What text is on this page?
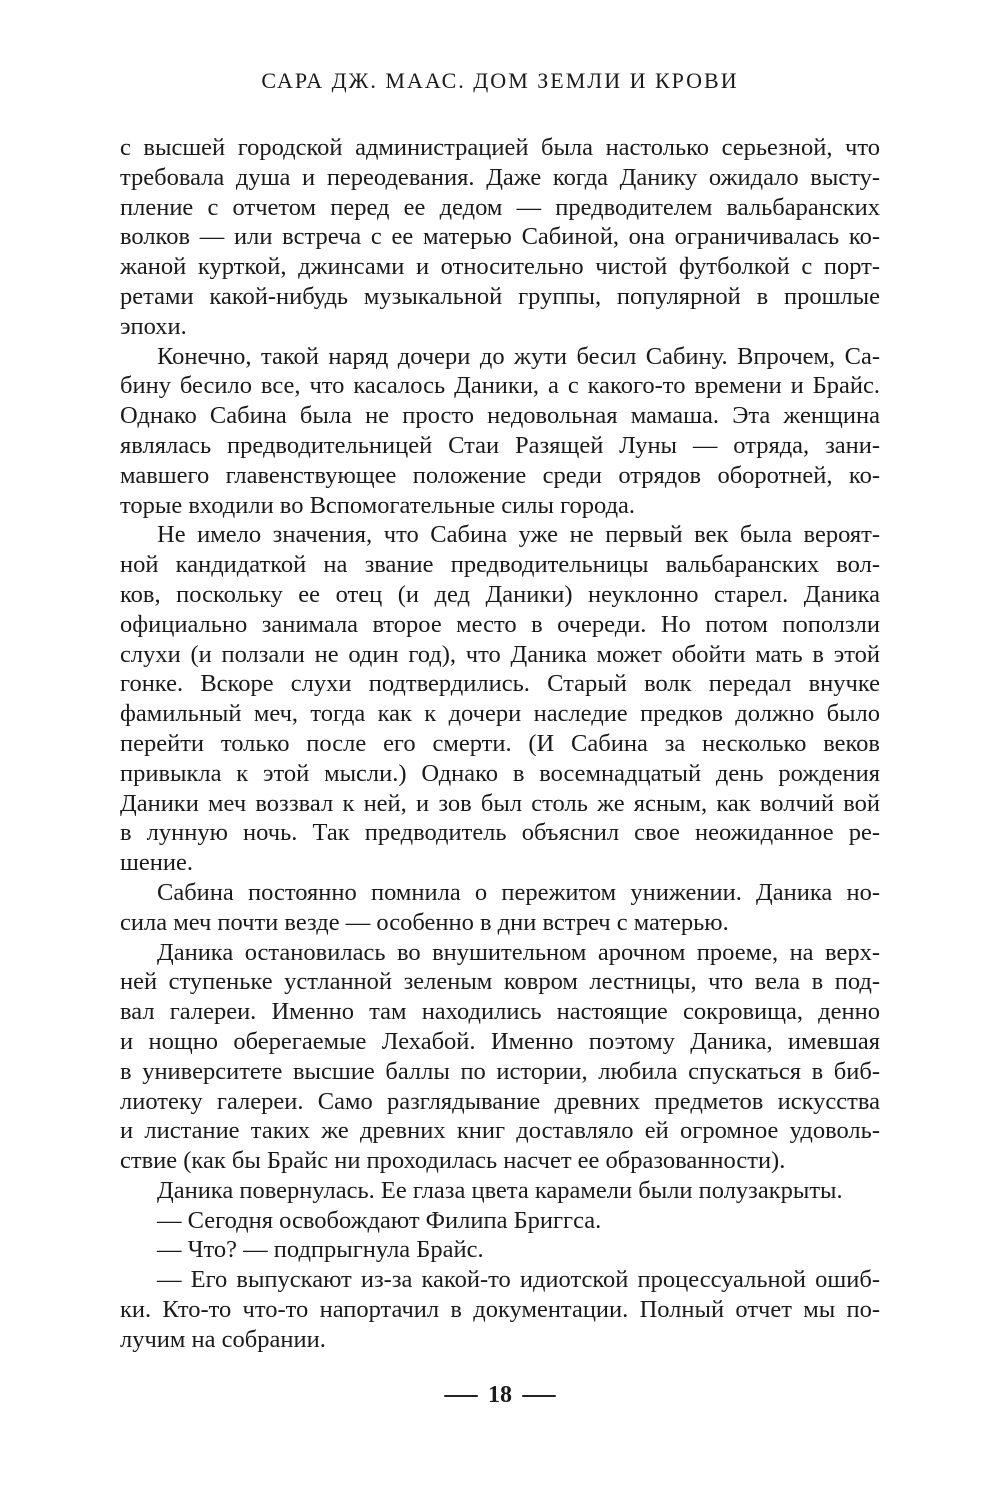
САРА ДЖ. МААС. ДОМ ЗЕМЛИ И КРОВИ
с высшей городской администрацией была настолько серьезной, что
требовала душа и переодевания. Даже когда Данику ожидало высту-
пление с отчетом перед ее дедом — предводителем вальбаранских
волков — или встреча с ее матерью Сабиной, она ограничивалась ко-
жаной курткой, джинсами и относительно чистой футболкой с порт-
ретами какой-нибудь музыкальной группы, популярной в прошлые
эпохи.
Конечно, такой наряд дочери до жути бесил Сабину. Впрочем, Са-
бину бесило все, что касалось Даники, а с какого-то времени и Брайс.
Однако Сабина была не просто недовольная мамаша. Эта женщина
являлась предводительницей Стаи Разящей Луны — отряда, зани-
мавшего главенствующее положение среди отрядов оборотней, ко-
торые входили во Вспомогательные силы города.
Не имело значения, что Сабина уже не первый век была вероят-
ной кандидаткой на звание предводительницы вальбаранских вол-
ков, поскольку ее отец (и дед Даники) неуклонно старел. Даника
официально занимала второе место в очереди. Но потом поползли
слухи (и ползали не один год), что Даника может обойти мать в этой
гонке. Вскоре слухи подтвердились. Старый волк передал внучке
фамильный меч, тогда как к дочери наследие предков должно было
перейти только после его смерти. (И Сабина за несколько веков
привыкла к этой мысли.) Однако в восемнадцатый день рождения
Даники меч воззвал к ней, и зов был столь же ясным, как волчий вой
в лунную ночь. Так предводитель объяснил свое неожиданное ре-
шение.
Сабина постоянно помнила о пережитом унижении. Даника но-
сила меч почти везде — особенно в дни встреч с матерью.
Даника остановилась во внушительном арочном проеме, на верх-
ней ступеньке устланной зеленым ковром лестницы, что вела в под-
вал галереи. Именно там находились настоящие сокровища, денно
и нощно оберегаемые Лехабой. Именно поэтому Даника, имевшая
в университете высшие баллы по истории, любила спускаться в биб-
лиотеку галереи. Само разглядывание древних предметов искусства
и листание таких же древних книг доставляло ей огромное удоволь-
ствие (как бы Брайс ни проходилась насчет ее образованности).
Даника повернулась. Ее глаза цвета карамели были полузакрыты.
— Сегодня освобождают Филипа Бриггса.
— Что? — подпрыгнула Брайс.
— Его выпускают из-за какой-то идиотской процессуальной ошиб-
ки. Кто-то что-то напортачил в документации. Полный отчет мы по-
лучим на собрании.
18
